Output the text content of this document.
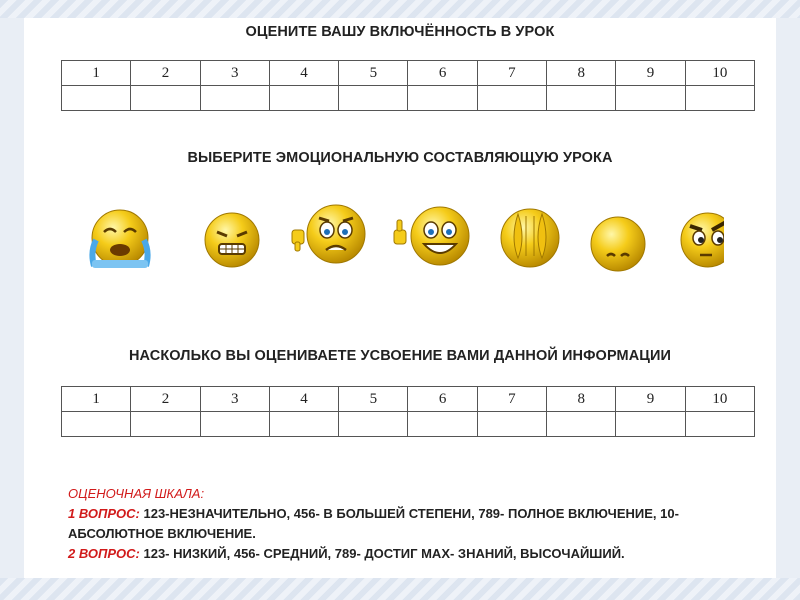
ОЦЕНИТЕ ВАШУ ВКЛЮЧЁННОСТЬ В УРОК
1	2	3	4	5	6	7	8	9	10

ВЫБЕРИТЕ ЭМОЦИОНАЛЬНУЮ СОСТАВЛЯЮЩУЮ УРОКА
НАСКОЛЬКО ВЫ ОЦЕНИВАЕТЕ УСВОЕНИЕ ВАМИ ДАННОЙ ИНФОРМАЦИИ
1	2	3	4	5	6	7	8	9	10

ОЦЕНОЧНАЯ ШКАЛА:
1 ВОПРОС: 123-НЕЗНАЧИТЕЛЬНО, 456- В БОЛЬШЕЙ СТЕПЕНИ, 789- ПОЛНОЕ ВКЛЮЧЕНИЕ, 10- АБСОЛЮТНОЕ ВКЛЮЧЕНИЕ.
2 ВОПРОС: 123- НИЗКИЙ, 456- СРЕДНИЙ, 789- ДОСТИГ МАХ- ЗНАНИЙ, ВЫСОЧАЙШИЙ.
